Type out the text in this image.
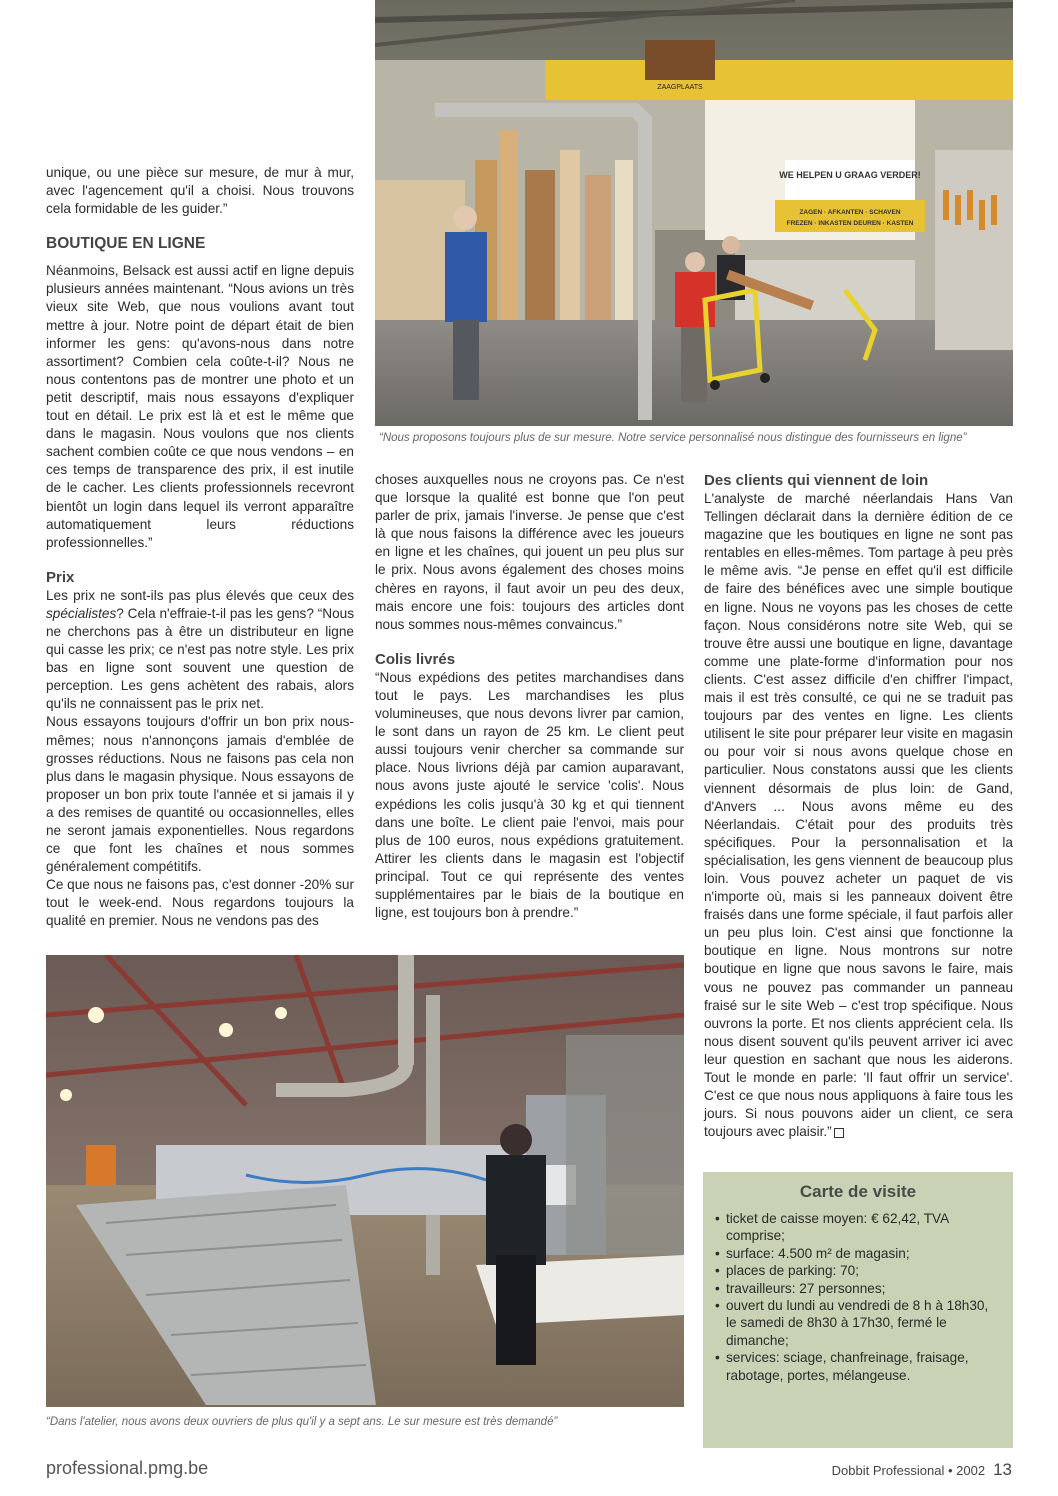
ZAAGPLAATS
WE HELPEN U GRAAG VERDER!
ZAGEN · AFKANTEN · SCHAVEN
FREZEN · INKASTEN DEUREN · KASTEN
“Nous proposons toujours plus de sur mesure. Notre service personnalisé nous distingue des fournisseurs en ligne”

unique, ou une pièce sur mesure, de mur à mur, avec l'agencement qu'il a choisi. Nous trouvons cela formidable de les guider.”

BOUTIQUE EN LIGNE

Néanmoins, Belsack est aussi actif en ligne depuis plusieurs années maintenant. “Nous avions un très vieux site Web, que nous voulions avant tout mettre à jour. Notre point de départ était de bien informer les gens: qu'avons-nous dans notre assortiment? Combien cela coûte-t-il? Nous ne nous contentons pas de montrer une photo et un petit descriptif, mais nous essayons d'expliquer tout en détail. Le prix est là et est le même que dans le magasin. Nous voulons que nos clients sachent combien coûte ce que nous vendons – en ces temps de transparence des prix, il est inutile de le cacher. Les clients professionnels recevront bientôt un login dans lequel ils verront apparaître automatiquement leurs réductions professionnelles.”

Prix

Les prix ne sont-ils pas plus élevés que ceux des spécialistes? Cela n'effraie-t-il pas les gens? “Nous ne cherchons pas à être un distributeur en ligne qui casse les prix; ce n'est pas notre style. Les prix bas en ligne sont souvent une question de perception. Les gens achètent des rabais, alors qu'ils ne connaissent pas le prix net.

Nous essayons toujours d'offrir un bon prix nous-mêmes; nous n'annonçons jamais d'emblée de grosses réductions. Nous ne faisons pas cela non plus dans le magasin physique. Nous essayons de proposer un bon prix toute l'année et si jamais il y a des remises de quantité ou occasionnelles, elles ne seront jamais exponentielles. Nous regardons ce que font les chaînes et nous sommes généralement compétitifs.

Ce que nous ne faisons pas, c'est donner -20% sur tout le week-end. Nous regardons toujours la qualité en premier. Nous ne vendons pas des

choses auxquelles nous ne croyons pas. Ce n'est que lorsque la qualité est bonne que l'on peut parler de prix, jamais l'inverse. Je pense que c'est là que nous faisons la différence avec les joueurs en ligne et les chaînes, qui jouent un peu plus sur le prix. Nous avons également des choses moins chères en rayons, il faut avoir un peu des deux, mais encore une fois: toujours des articles dont nous sommes nous-mêmes convaincus.”

Colis livrés

“Nous expédions des petites marchandises dans tout le pays. Les marchandises les plus volumineuses, que nous devons livrer par camion, le sont dans un rayon de 25 km. Le client peut aussi toujours venir chercher sa commande sur place. Nous livrions déjà par camion auparavant, nous avons juste ajouté le service 'colis'. Nous expédions les colis jusqu'à 30 kg et qui tiennent dans une boîte. Le client paie l'envoi, mais pour plus de 100 euros, nous expédions gratuitement. Attirer les clients dans le magasin est l'objectif principal. Tout ce qui représente des ventes supplémentaires par le biais de la boutique en ligne, est toujours bon à prendre.”

Des clients qui viennent de loin

L'analyste de marché néerlandais Hans Van Tellingen déclarait dans la dernière édition de ce magazine que les boutiques en ligne ne sont pas rentables en elles-mêmes. Tom partage à peu près le même avis. “Je pense en effet qu'il est difficile de faire des bénéfices avec une simple boutique en ligne. Nous ne voyons pas les choses de cette façon. Nous considérons notre site Web, qui se trouve être aussi une boutique en ligne, davantage comme une plate-forme d'information pour nos clients. C'est assez difficile d'en chiffrer l'impact, mais il est très consulté, ce qui ne se traduit pas toujours par des ventes en ligne. Les clients utilisent le site pour préparer leur visite en magasin ou pour voir si nous avons quelque chose en particulier. Nous constatons aussi que les clients viennent désormais de plus loin: de Gand, d'Anvers ... Nous avons même eu des Néerlandais. C'était pour des produits très spécifiques. Pour la personnalisation et la spécialisation, les gens viennent de beaucoup plus loin. Vous pouvez acheter un paquet de vis n'importe où, mais si les panneaux doivent être fraisés dans une forme spéciale, il faut parfois aller un peu plus loin. C'est ainsi que fonctionne la boutique en ligne. Nous montrons sur notre boutique en ligne que nous savons le faire, mais vous ne pouvez pas commander un panneau fraisé sur le site Web – c'est trop spécifique. Nous ouvrons la porte. Et nos clients apprécient cela. Ils nous disent souvent qu'ils peuvent arriver ici avec leur question en sachant que nous les aiderons. Tout le monde en parle: 'Il faut offrir un service'. C'est ce que nous nous appliquons à faire tous les jours. Si nous pouvons aider un client, ce sera toujours avec plaisir.”

“Dans l'atelier, nous avons deux ouvriers de plus qu'il y a sept ans. Le sur mesure est très demandé”
Carte de visite
• ticket de caisse moyen: € 62,42, TVA comprise;
• surface: 4.500 m² de magasin;
• places de parking: 70;
• travailleurs: 27 personnes;
• ouvert du lundi au vendredi de 8 h à 18h30, le samedi de 8h30 à 17h30, fermé le dimanche;
• services: sciage, chanfreinage, fraisage, rabotage, portes, mélangeuse.
professional.pmg.be	Dobbit Professional • 2002 13
